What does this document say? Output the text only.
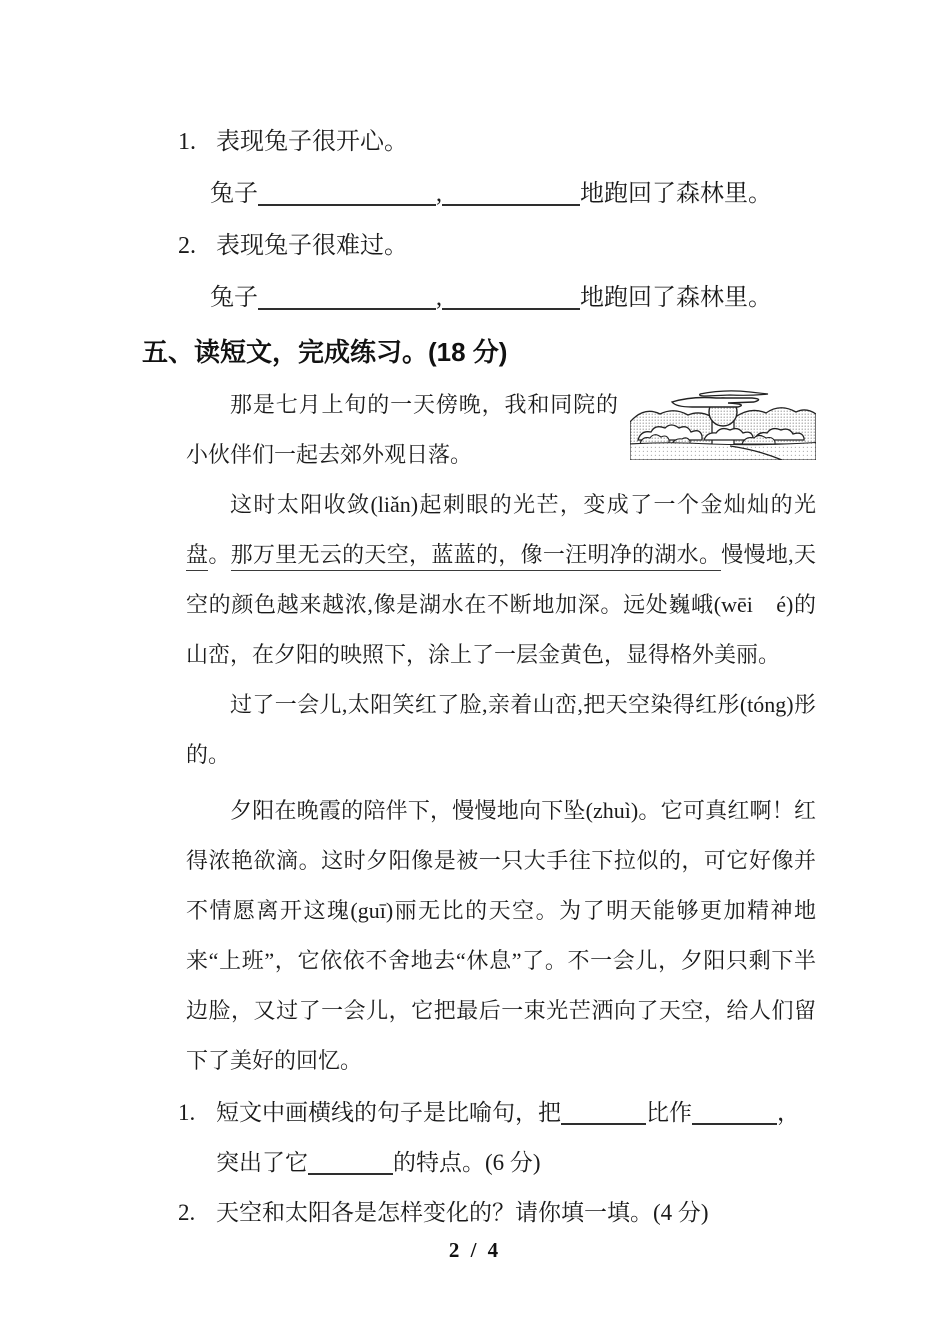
1. 表现兔子很开心。
兔子	,	地跑回了森林里。
2. 表现兔子很难过。
兔子	,	地跑回了森林里。
五、读短文，完成练习。(18 分)

那是七月上旬的一天傍晚，我和同院的小伙伴们一起去郊外观日落。

这时太阳收敛(liǎn)起刺眼的光芒，变成了一个金灿灿的光盘。那万里无云的天空，蓝蓝的，像一汪明净的湖水。慢慢地,天空的颜色越来越浓,像是湖水在不断地加深。远处巍峨(wēi　é)的山峦，在夕阳的映照下，涂上了一层金黄色，显得格外美丽。

过了一会儿,太阳笑红了脸,亲着山峦,把天空染得红彤(tóng)彤的。

夕阳在晚霞的陪伴下，慢慢地向下坠(zhuì)。它可真红啊！红得浓艳欲滴。这时夕阳像是被一只大手往下拉似的，可它好像并不情愿离开这瑰(guī)丽无比的天空。为了明天能够更加精神地来“上班”，它依依不舍地去“休息”了。不一会儿，夕阳只剩下半边脸，又过了一会儿，它把最后一束光芒洒向了天空，给人们留下了美好的回忆。

1. 短文中画横线的句子是比喻句，把	比作	，
突出了它	的特点。(6 分)
2. 天空和太阳各是怎样变化的？请你填一填。(4 分)
2 / 4
